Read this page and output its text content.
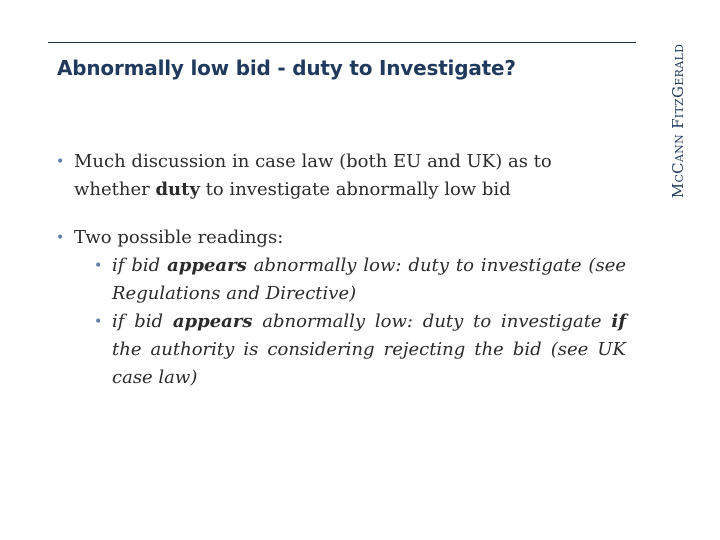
Abnormally low bid - duty to Investigate?	McCann FitzGerald
• Much discussion in case law (both EU and UK) as to whether duty to investigate abnormally low bid
• Two possible readings:
• if bid appears abnormally low: duty to investigate (see Regulations and Directive)
• if bid appears abnormally low: duty to investigate if the authority is considering rejecting the bid (see UK case law)
